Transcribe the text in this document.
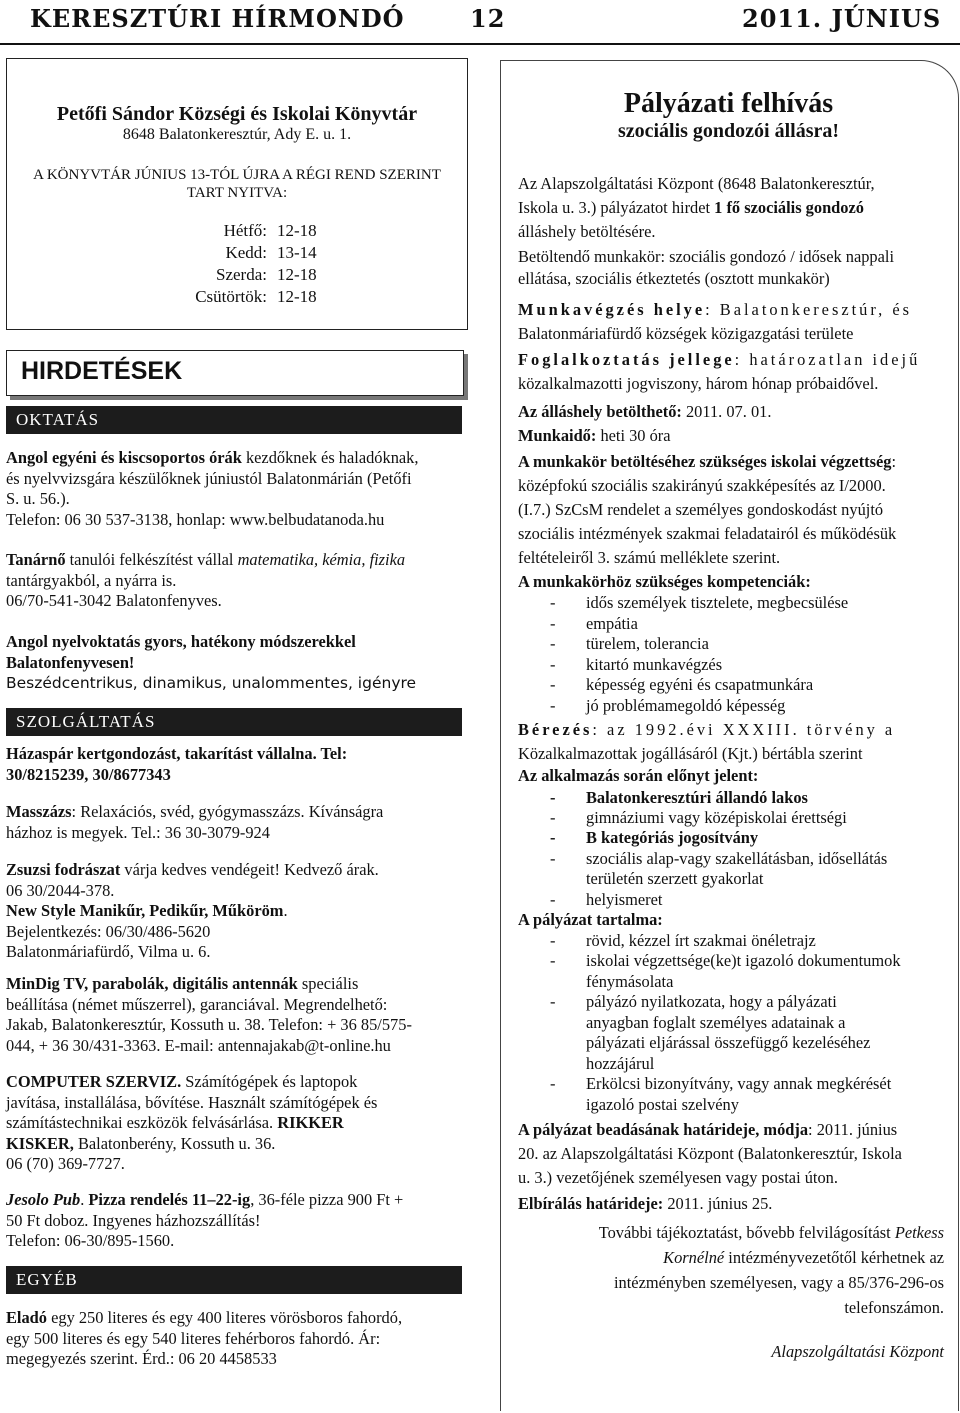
KERESZTÚRI HÍRMONDÓ	12	2011. JÚNIUS
Petőfi Sándor Községi és Iskolai Könyvtár
8648 Balatonkeresztúr, Ady E. u. 1.
A KÖNYVTÁR JÚNIUS 13-TÓL ÚJRA A RÉGI REND SZERINT
TART NYITVA:
Hétfő: 12-18
Kedd: 13-14
Szerda: 12-18
Csütörtök: 12-18
HIRDETÉSEK
OKTATÁS
Angol egyéni és kiscsoportos órák kezdőknek és haladóknak,
és nyelvvizsgára készülőknek júniustól Balatonmárián (Petőfi
S. u. 56.).
Telefon: 06 30 537-3138, honlap: www.belbudatanoda.hu
Tanárnő tanulói felkészítést vállal matematika, kémia, fizika
tantárgyakból, a nyárra is.
06/70-541-3042 Balatonfenyves.
Angol nyelvoktatás gyors, hatékony módszerekkel
Balatonfenyvesen!
Beszédcentrikus, dinamikus, unalommentes, igényre
SZOLGÁLTATÁS
Házaspár kertgondozást, takarítást vállalna. Tel:
30/8215239, 30/8677343
Masszázs: Relaxációs, svéd, gyógymasszázs. Kívánságra
házhoz is megyek. Tel.: 36 30-3079-924
Zsuzsi fodrászat várja kedves vendégeit! Kedvező árak.
06 30/2044-378.
New Style Manikűr, Pedikűr, Műköröm.
Bejelentkezés: 06/30/486-5620
Balatonmáriafürdő, Vilma u. 6.
MinDig TV, parabolák, digitális antennák speciális
beállítása (német műszerrel), garanciával. Megrendelhető:
Jakab, Balatonkeresztúr, Kossuth u. 38. Telefon: + 36 85/575-
044, + 36 30/431-3363. E-mail: antennajakab@t-online.hu
COMPUTER SZERVIZ. Számítógépek és laptopok
javítása, installálása, bővítése. Használt számítógépek és
számítástechnikai eszközök felvásárlása. RIKKER
KISKER, Balatonberény, Kossuth u. 36.
06 (70) 369-7727.
Jesolo Pub. Pizza rendelés 11–22-ig, 36-féle pizza 900 Ft +
50 Ft doboz. Ingyenes házhozszállítás!
Telefon: 06-30/895-1560.
EGYÉB
Eladó egy 250 literes és egy 400 literes vörösboros fahordó,
egy 500 literes és egy 540 literes fehérboros fahordó. Ár:
megegyezés szerint. Érd.: 06 20 4458533
Pályázati felhívás
szociális gondozói állásra!
Az Alapszolgáltatási Központ (8648 Balatonkeresztúr,
Iskola u. 3.) pályázatot hirdet 1 fő szociális gondozó
álláshely betöltésére.
Betöltendő munkakör: szociális gondozó / idősek nappali
ellátása, szociális étkeztetés (osztott munkakör)
Munkavégzés helye: Balatonkeresztúr, és
Balatonmáriafürdő községek közigazgatási területe
Foglalkoztatás jellege: határozatlan idejű
közalkalmazotti jogviszony, három hónap próbaidővel.
Az álláshely betölthető: 2011. 07. 01.
Munkaidő: heti 30 óra
A munkakör betöltéséhez szükséges iskolai végzettség:
középfokú szociális szakirányú szakképesítés az I/2000.
(I.7.) SzCsM rendelet a személyes gondoskodást nyújtó
szociális intézmények szakmai feladatairól és működésük
feltételeiről 3. számú melléklete szerint.
A munkakörhöz szükséges kompetenciák:
- idős személyek tisztelete, megbecsülése
- empátia
- türelem, tolerancia
- kitartó munkavégzés
- képesség egyéni és csapatmunkára
- jó problémamegoldó képesség
Bérezés: az 1992.évi XXXIII. törvény a
Közalkalmazottak jogállásáról (Kjt.) bértábla szerint
Az alkalmazás során előnyt jelent:
- Balatonkeresztúri állandó lakos
- gimnáziumi vagy középiskolai érettségi
- B kategóriás jogosítvány
- szociális alap-vagy szakellátásban, idősellátás
területén szerzett gyakorlat
- helyismeret
A pályázat tartalma:
- rövid, kézzel írt szakmai önéletrajz
- iskolai végzettsége(ke)t igazoló dokumentumok
fénymásolata
- pályázó nyilatkozata, hogy a pályázati
anyagban foglalt személyes adatainak a
pályázati eljárással összefüggő kezeléséhez
hozzájárul
- Erkölcsi bizonyítvány, vagy annak megkérését
igazoló postai szelvény
A pályázat beadásának határideje, módja: 2011. június
20. az Alapszolgáltatási Központ (Balatonkeresztúr, Iskola
u. 3.) vezetőjének személyesen vagy postai úton.
Elbírálás határideje: 2011. június 25.
További tájékoztatást, bővebb felvilágosítást Petkess
Kornélné intézményvezetőtől kérhetnek az
intézményben személyesen, vagy a 85/376-296-os
telefonszámon.
Alapszolgáltatási Központ
